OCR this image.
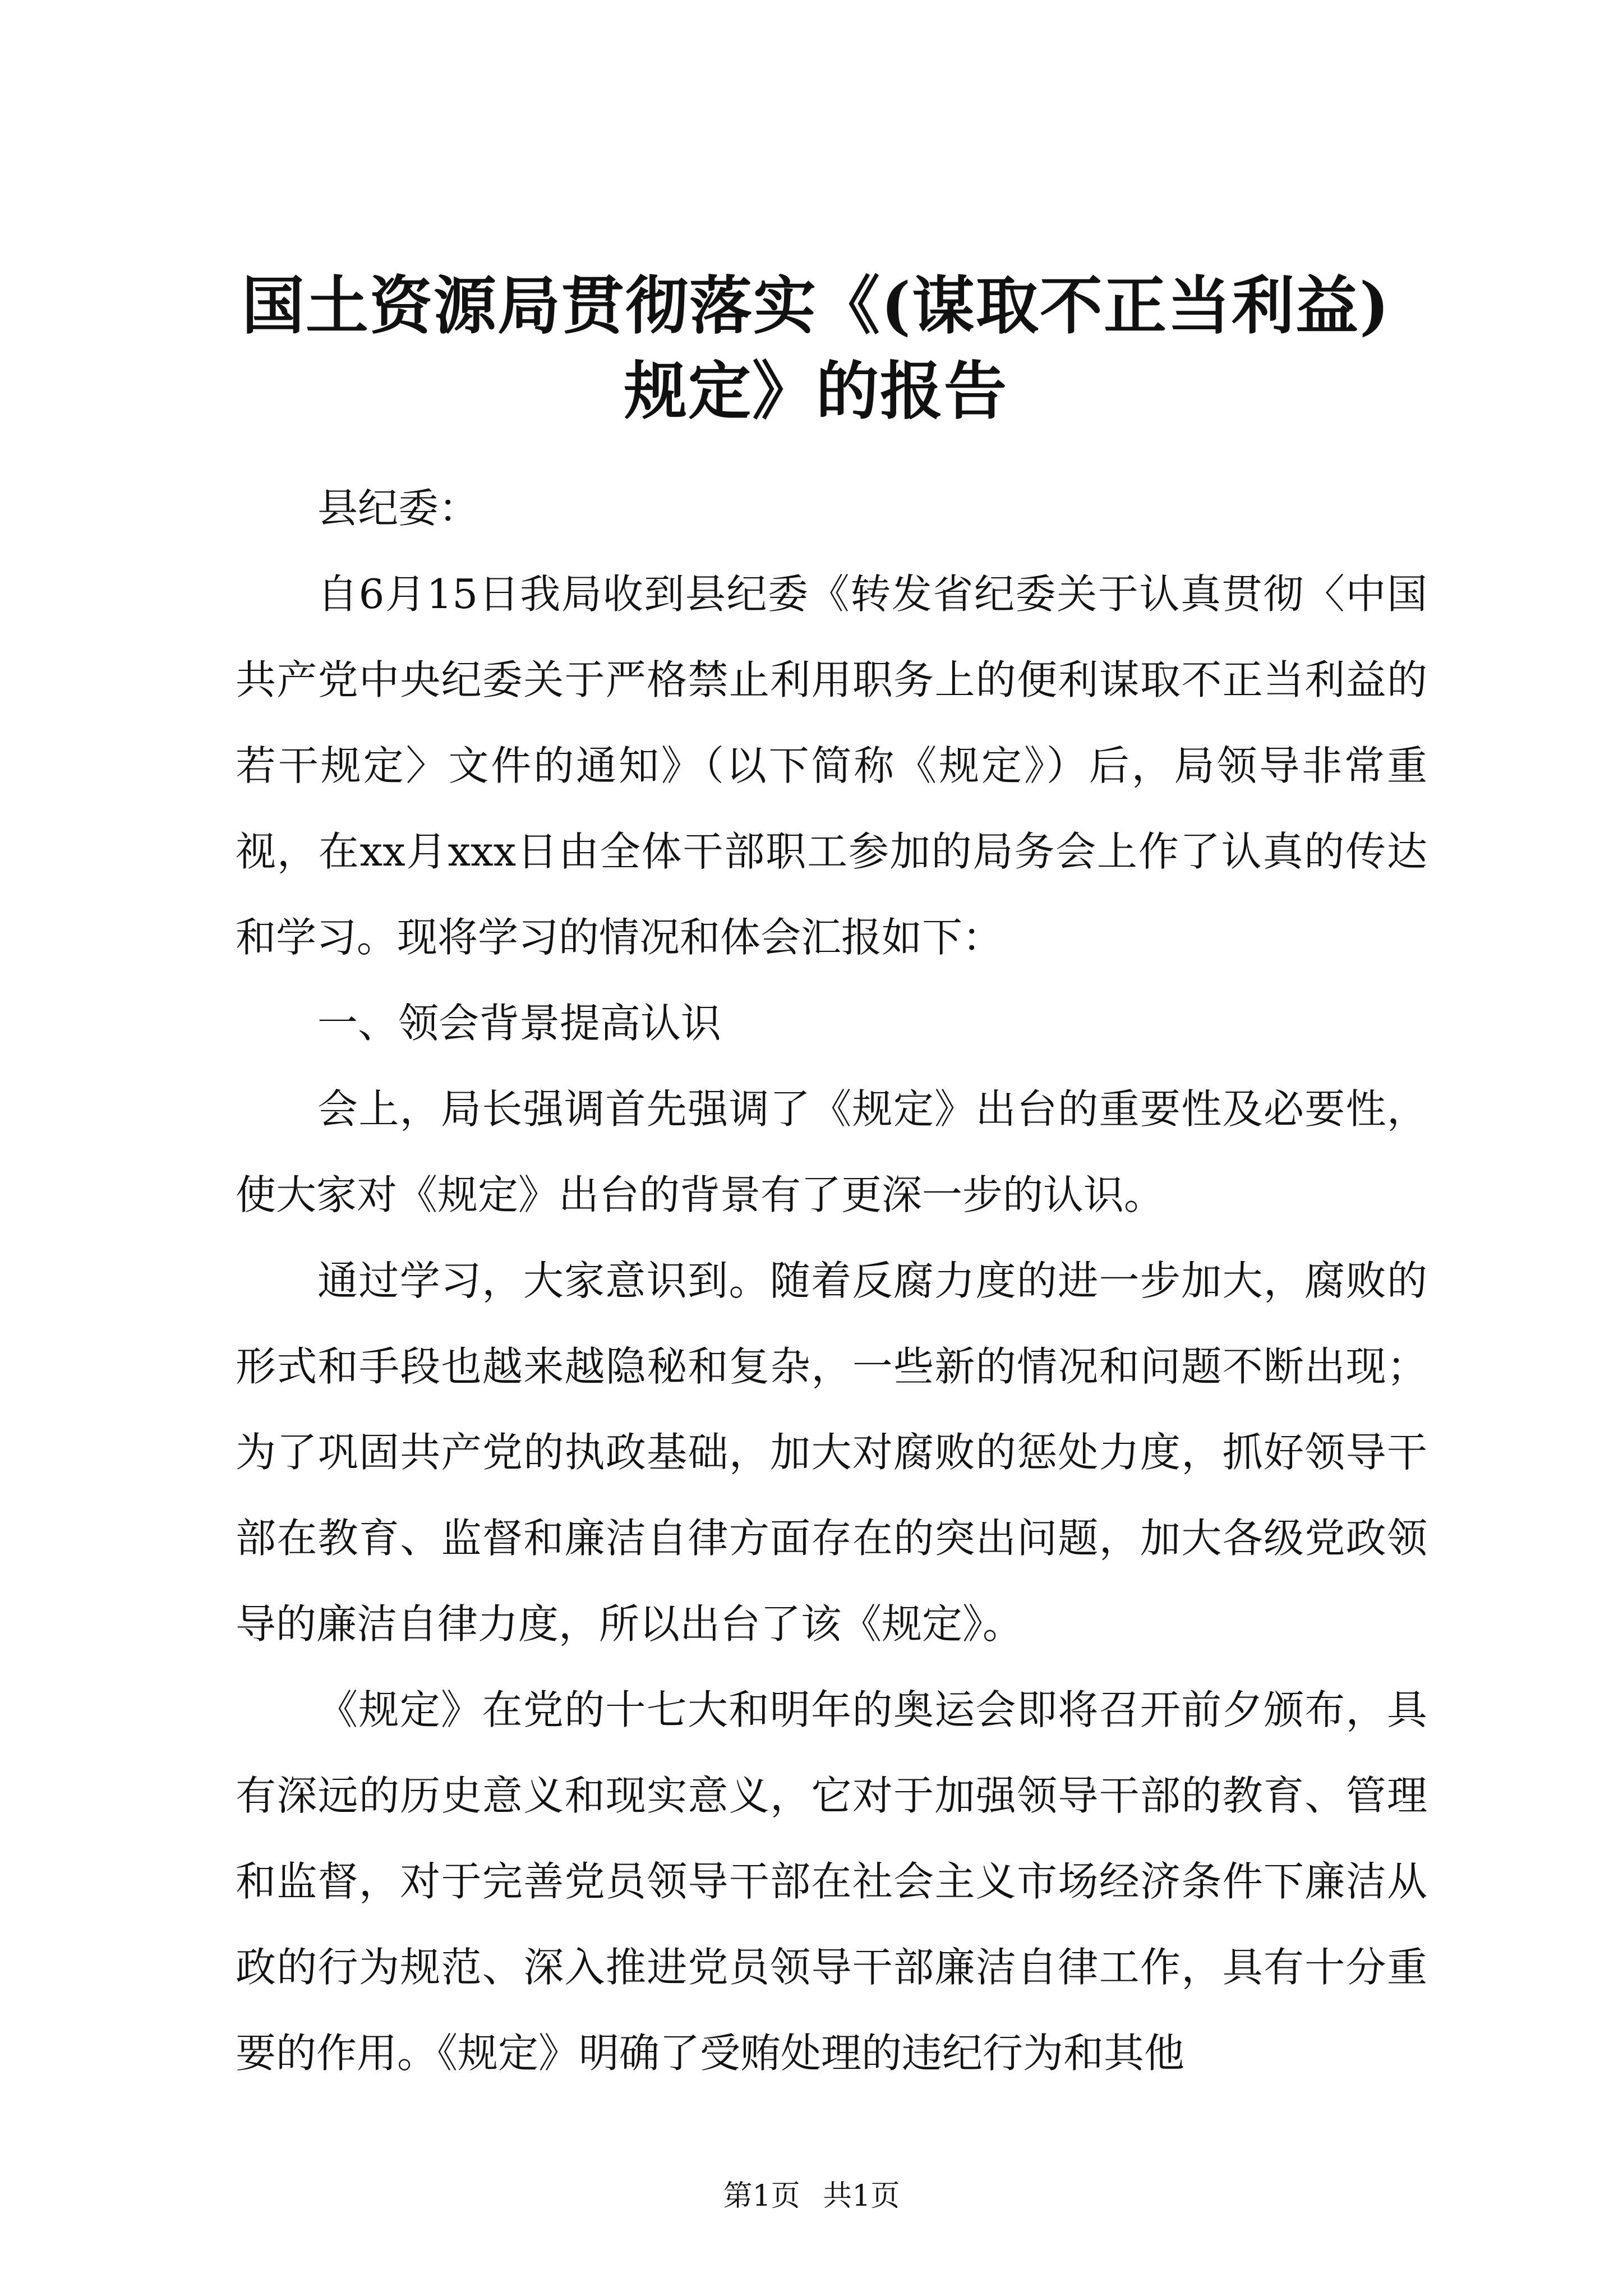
国土资源局贯彻落实《(谋取不正当利益)规定》的报告

县纪委：

自6月15日我局收到县纪委《转发省纪委关于认真贯彻〈中国共产党中央纪委关于严格禁止利用职务上的便利谋取不正当利益的若干规定〉文件的通知》（以下简称《规定》）后，局领导非常重视，在xx月xxx日由全体干部职工参加的局务会上作了认真的传达和学习。现将学习的情况和体会汇报如下：

一、领会背景提高认识

会上，局长强调首先强调了《规定》出台的重要性及必要性，使大家对《规定》出台的背景有了更深一步的认识。

通过学习，大家意识到。随着反腐力度的进一步加大，腐败的形式和手段也越来越隐秘和复杂，一些新的情况和问题不断出现；为了巩固共产党的执政基础，加大对腐败的惩处力度，抓好领导干部在教育、监督和廉洁自律方面存在的突出问题，加大各级党政领导的廉洁自律力度，所以出台了该《规定》。

《规定》在党的十七大和明年的奥运会即将召开前夕颁布，具有深远的历史意义和现实意义，它对于加强领导干部的教育、管理和监督，对于完善党员领导干部在社会主义市场经济条件下廉洁从政的行为规范、深入推进党员领导干部廉洁自律工作，具有十分重要的作用。《规定》明确了受贿处理的违纪行为和其他

第1页 共1页
